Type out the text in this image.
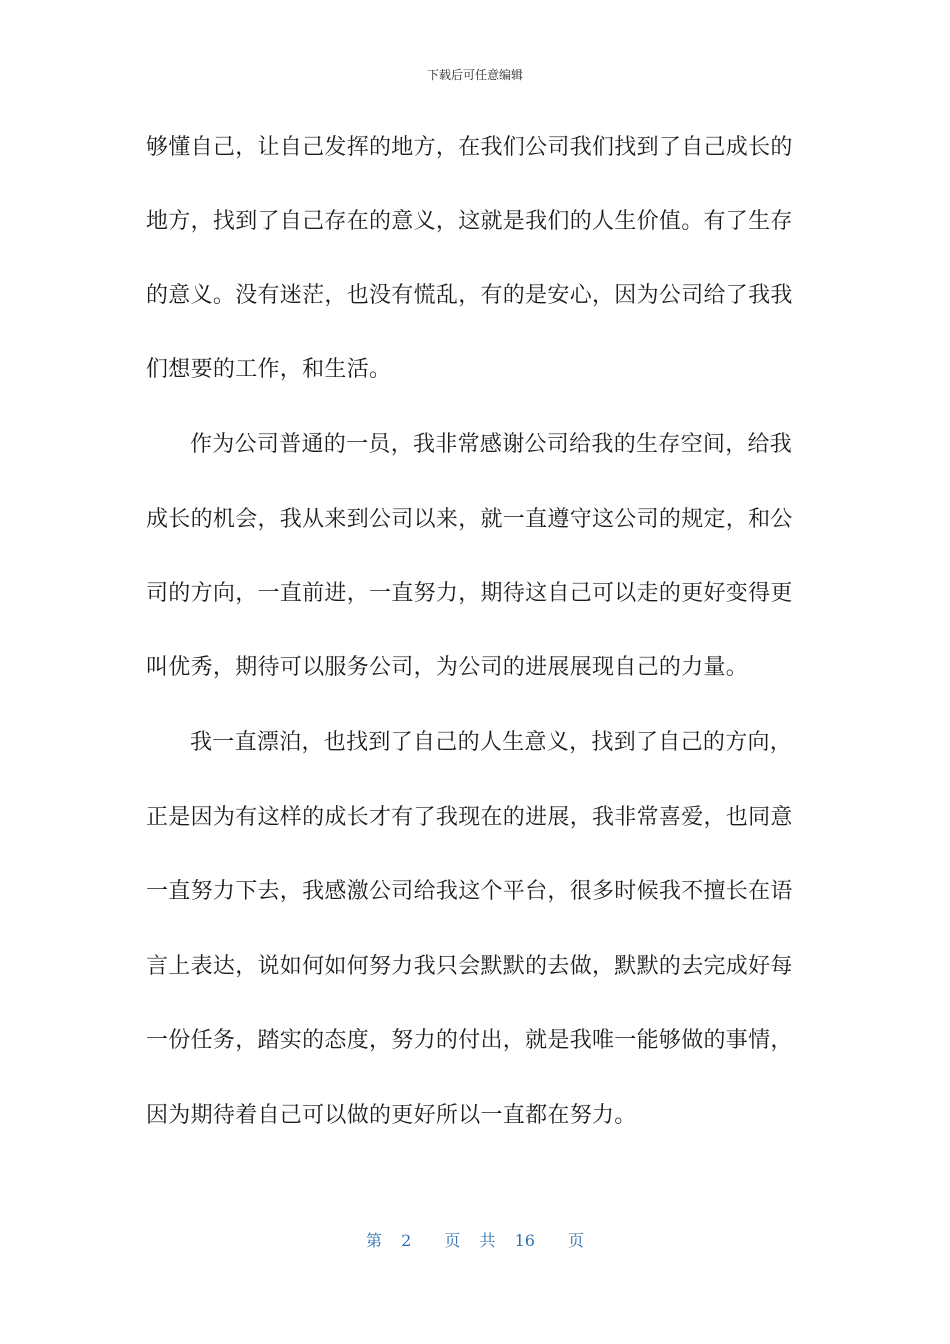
下载后可任意编辑
够懂自己，让自己发挥的地方，在我们公司我们找到了自己成长的
地方，找到了自己存在的意义，这就是我们的人生价值。有了生存
的意义。没有迷茫，也没有慌乱，有的是安心，因为公司给了我我
们想要的工作，和生活。
作为公司普通的一员，我非常感谢公司给我的生存空间，给我
成长的机会，我从来到公司以来，就一直遵守这公司的规定，和公
司的方向，一直前进，一直努力，期待这自己可以走的更好变得更
叫优秀，期待可以服务公司，为公司的进展展现自己的力量。
我一直漂泊，也找到了自己的人生意义，找到了自己的方向，
正是因为有这样的成长才有了我现在的进展，我非常喜爱，也同意
一直努力下去，我感激公司给我这个平台，很多时候我不擅长在语
言上表达，说如何如何努力我只会默默的去做，默默的去完成好每
一份任务，踏实的态度，努力的付出，就是我唯一能够做的事情，
因为期待着自己可以做的更好所以一直都在努力。
第 2 页 共 16 页
